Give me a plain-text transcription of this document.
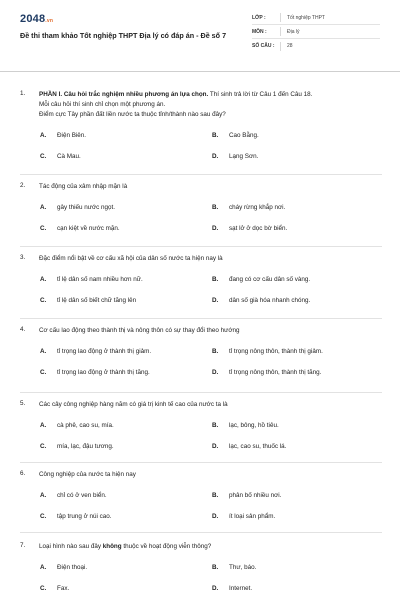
2048.vn
Đề thi tham khảo Tốt nghiệp THPT Địa lý có đáp án - Đề số 7
LỚP :	Tốt nghiệp THPT
MÔN :	Địa lý
SỐ CÂU :	28
1.	PHẦN I. Câu hỏi trắc nghiệm nhiều phương án lựa chọn. Thí sinh trả lời từ Câu 1 đến Câu 18.
Mỗi câu hỏi thí sinh chỉ chọn một phương án.
Điểm cực Tây phần đất liền nước ta thuộc tỉnh/thành nào sau đây?
A.	Điện Biên.	B.	Cao Bằng.
C.	Cà Mau.	D.	Lạng Sơn.
2.	Tác động của xâm nhập mặn là
A.	gây thiếu nước ngọt.	B.	cháy rừng khắp nơi.
C.	cạn kiệt về nước mặn.	D.	sạt lở ở dọc bờ biển.
3.	Đặc điểm nổi bật về cơ cấu xã hội của dân số nước ta hiện nay là
A.	tỉ lệ dân số nam nhiều hơn nữ.	B.	đang có cơ cấu dân số vàng.
C.	tỉ lệ dân số biết chữ tăng lên	D.	dân số già hóa nhanh chóng.
4.	Cơ cấu lao động theo thành thị và nông thôn có sự thay đổi theo hướng
A.	tỉ trọng lao động ở thành thị giảm.	B.	tỉ trọng nông thôn, thành thị giảm.
C.	tỉ trọng lao động ở thành thị tăng.	D.	tỉ trọng nông thôn, thành thị tăng.
5.	Các cây công nghiệp hàng năm có giá trị kinh tế cao của nước ta là
A.	cà phê, cao su, mía.	B.	lạc, bông, hồ tiêu.
C.	mía, lạc, đậu tương.	D.	lạc, cao su, thuốc lá.
6.	Công nghiệp của nước ta hiện nay
A.	chỉ có ở ven biển.	B.	phân bố nhiều nơi.
C.	tập trung ở núi cao.	D.	ít loại sản phẩm.
7.	Loại hình nào sau đây không thuộc về hoạt động viễn thông?
A.	Điện thoại.	B.	Thư, báo.
C.	Fax.	D.	Internet.
